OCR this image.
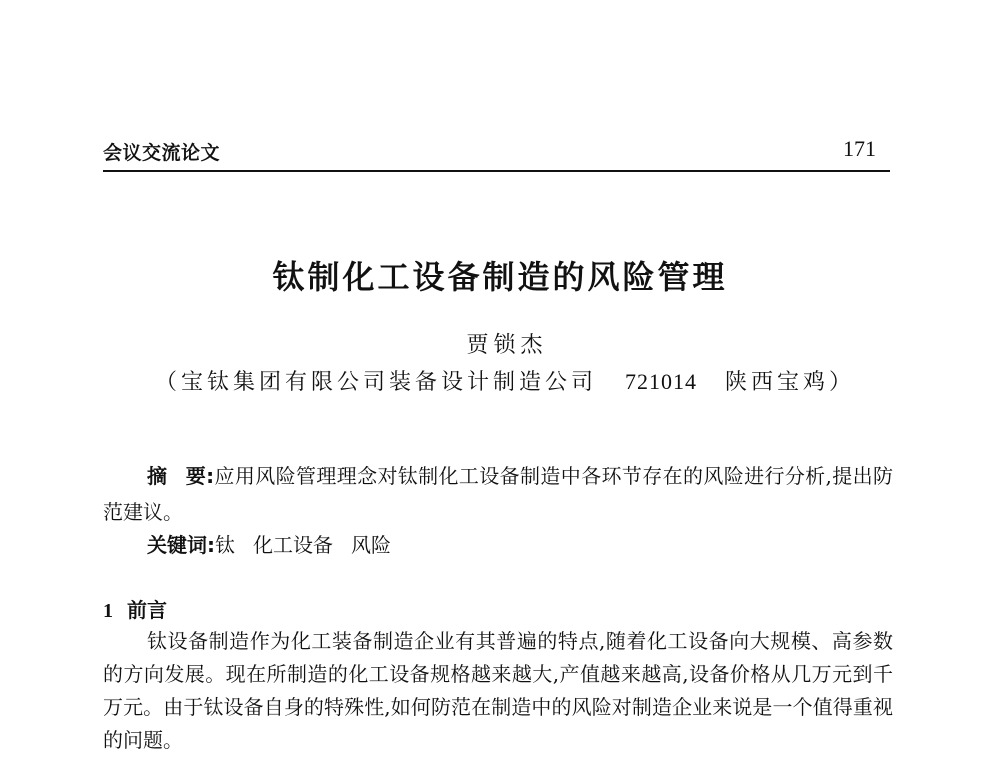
会议交流论文	171
钛制化工设备制造的风险管理
贾锁杰
（宝钛集团有限公司装备设计制造公司 721014 陕西宝鸡）
摘 要:应用风险管理理念对钛制化工设备制造中各环节存在的风险进行分析,提出防范建议。
关键词:钛 化工设备 风险
1 前言
钛设备制造作为化工装备制造企业有其普遍的特点,随着化工设备向大规模、高参数的方向发展。现在所制造的化工设备规格越来越大,产值越来越高,设备价格从几万元到千万元。由于钛设备自身的特殊性,如何防范在制造中的风险对制造企业来说是一个值得重视的问题。
